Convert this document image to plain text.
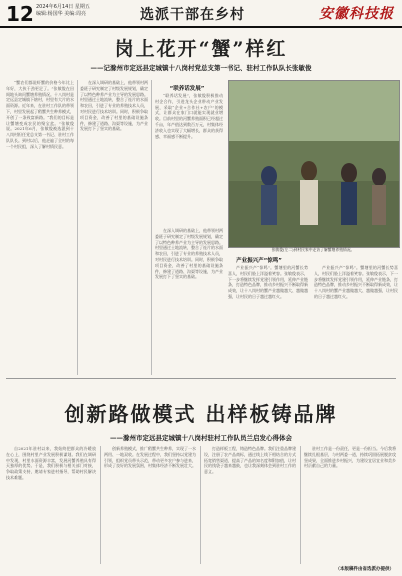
12 2024年6月14日 星期五
编辑:杨国华 美编:周亮	选派干部在乡村	安徽科技报
岗上花开“蟹”样红
——记滁州市定远县定城镇十八岗村党总支第一书记、驻村工作队队长张敏俊
“蟹农们都说虾蟹的价格今年比上年好，大伙干劲更足了。”张敏俊在田间地头询问蟹塘养殖情况。十八岗村是定远县定城镇下辖村，村里有大片的水面资源。近年来，在驻村工作队的带领下，村里发展起了稻蟹共生种养模式，开创了一条致富新路。“我们的目标是让蟹塘变成农民的聚宝盆。”张敏俊说。2021年6月，张敏俊被选派到十八岗村担任党总支第一书记、驻村工作队队长。到村以后，他走遍了全村的每一个村民组，深入了解村情民意。
在深入调研的基础上，他带领村两委班子研究制定了村级发展规划，确定了以特色种养产业为主导的发展思路。村里通过土地流转，整合了连片的水面和农田，引进了专业的养殖技术人员，对村民进行技术培训。同时，积极争取项目资金，改善了村里的基础设施条件，修建了道路、沟渠等设施，为产业发展打下了坚实的基础。
“联养话发展”
“联养话发展”，张敏俊积极推动村企合作，引进龙头企业带动产业发展，采取“企业+合作社+农户”的模式，让群众在家门口就能实现就业增收。目前村里的河蟹养殖面积已经超过千亩，年产值达到数百万元，村集体经济收入也实现了大幅增长，群众的获得感、幸福感不断提升。
张敏俊(左二)到村民家中走访了解蟹塘养殖情况。
产业振兴产“惊鸣”
产业振兴产“惊鸣”。蟹塘里的河蟹长势喜人，村民们脸上洋溢着笑容。张敏俊表示，下一步将继续发挥党建引领作用，延伸产业链条，打造特色品牌，推动乡村振兴不断取得新成效，让十八岗村的蟹产业越做越大、越做越强，让村民的日子越过越红火。
产业振兴产“惊鸣”。蟹塘里的河蟹长势喜人，村民们脸上洋溢着笑容。张敏俊表示，下一步将继续发挥党建引领作用，延伸产业链条，打造特色品牌，推动乡村振兴不断取得新成效，让十八岗村的蟹产业越做越大、越做越强，让村民的日子越过越红火。
在深入调研的基础上，他带领村两委班子研究制定了村级发展规划，确定了以特色种养产业为主导的发展思路。村里通过土地流转，整合了连片的水面和农田，引进了专业的养殖技术人员，对村民进行技术培训。同时，积极争取项目资金，改善了村里的基础设施条件，修建了道路、沟渠等设施，为产业发展打下了坚实的基础。
创新路做模式 出样板铸品牌
——滁州市定远县定城镇十八岗村驻村工作队员兰启发心得体会
自2021年驻村以来，我始终把群众的冷暖放在心上，围绕村里产业发展积极谋划。我们在调研中发现，村里水面资源丰富，发展河蟹养殖具有得天独厚的优势。于是，我们积极与相关部门对接，争取政策支持，邀请专家进村指导，帮助村民解决技术难题。
创新养殖模式，推广稻蟹共生种养，实现了一水两用、一地双收。在发展过程中，我们坚持以党建为引领，组织党员带头示范，带动更多农户参与进来，形成了良好的发展氛围，村集体经济不断发展壮大。
打造样板工程，铸造特色品牌。我们注重品牌建设，注册了农产品商标，通过线上线下相结合的方式拓宽销售渠道，提高了产品的知名度和附加值，让村民的钱袋子越来越鼓，也让我深刻体会到驻村工作的意义。
驻村工作是一份责任，更是一份担当。今后我将继续扎根基层，与村两委一道，持续巩固拓展脱贫攻坚成果，全面推进乡村振兴，为建设宜居宜业和美乡村贡献自己的力量。
（本版稿件由省选派办提供）
